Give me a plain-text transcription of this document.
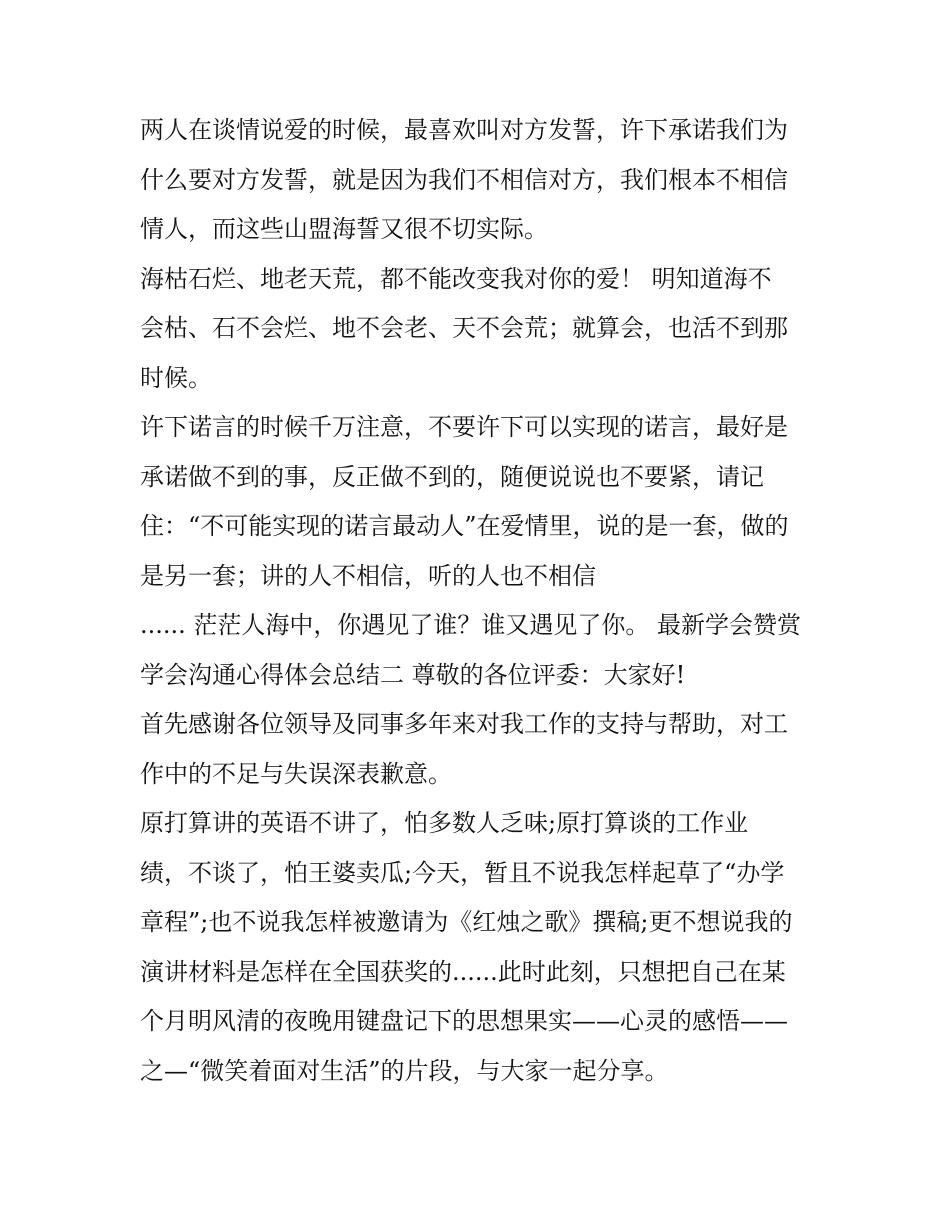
两人在谈情说爱的时候，最喜欢叫对方发誓，许下承诺我们为
什么要对方发誓，就是因为我们不相信对方，我们根本不相信
情人，而这些山盟海誓又很不切实际。
海枯石烂、地老天荒，都不能改变我对你的爱！ 明知道海不
会枯、石不会烂、地不会老、天不会荒；就算会，也活不到那
时候。
许下诺言的时候千万注意，不要许下可以实现的诺言，最好是
承诺做不到的事，反正做不到的，随便说说也不要紧，请记
住：“不可能实现的诺言最动人”在爱情里，说的是一套，做的
是另一套；讲的人不相信，听的人也不相信
...... 茫茫人海中，你遇见了谁？谁又遇见了你。 最新学会赞赏
学会沟通心得体会总结二 尊敬的各位评委：大家好!
首先感谢各位领导及同事多年来对我工作的支持与帮助，对工
作中的不足与失误深表歉意。
原打算讲的英语不讲了，怕多数人乏味;原打算谈的工作业
绩，不谈了，怕王婆卖瓜;今天，暂且不说我怎样起草了“办学
章程”;也不说我怎样被邀请为《红烛之歌》撰稿;更不想说我的
演讲材料是怎样在全国获奖的......此时此刻，只想把自己在某
个月明风清的夜晚用键盘记下的思想果实——心灵的感悟——
之—“微笑着面对生活”的片段，与大家一起分享。
